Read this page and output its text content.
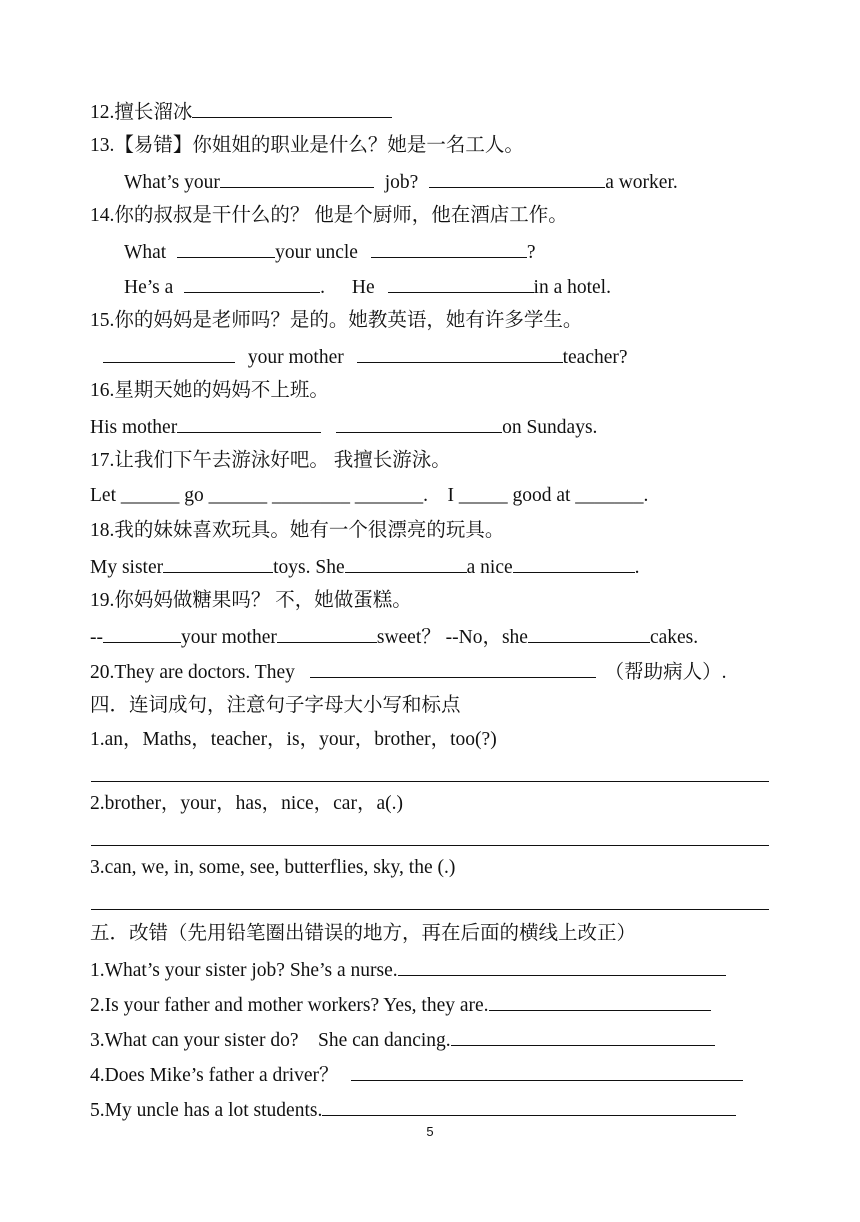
12.擅长溜冰
13.【易错】你姐姐的职业是什么？她是一名工人。
What’s your	job?	a worker.
14.你的叔叔是干什么的？ 他是个厨师，他在酒店工作。
What	your uncle	?
He’s a	. He	in a hotel.
15.你的妈妈是老师吗？是的。她教英语，她有许多学生。
your mother	teacher?
16.星期天她的妈妈不上班。
His mother	on Sundays.
17.让我们下午去游泳好吧。 我擅长游泳。
Let ______ go ______ ________ _______.    I _____ good at _______.
18.我的妹妹喜欢玩具。她有一个很漂亮的玩具。
My sister	toys. She	a nice	.
19.你妈妈做糖果吗？ 不，她做蛋糕。
--	your mother	sweet？ --No，she	cakes.
20.They are doctors. They	（帮助病人）.
四．连词成句，注意句子字母大小写和标点
1.an，Maths，teacher，is，your，brother，too(?)
2.brother，your，has，nice，car，a(.)
3.can, we, in, some, see, butterflies, sky, the (.)
五．改错（先用铅笔圈出错误的地方，再在后面的横线上改正）
1.What’s your sister job? She’s a nurse.
2.Is your father and mother workers? Yes, they are.
3.What can your sister do?    She can dancing.
4.Does Mike’s father a driver？
5.My uncle has a lot students.
5
